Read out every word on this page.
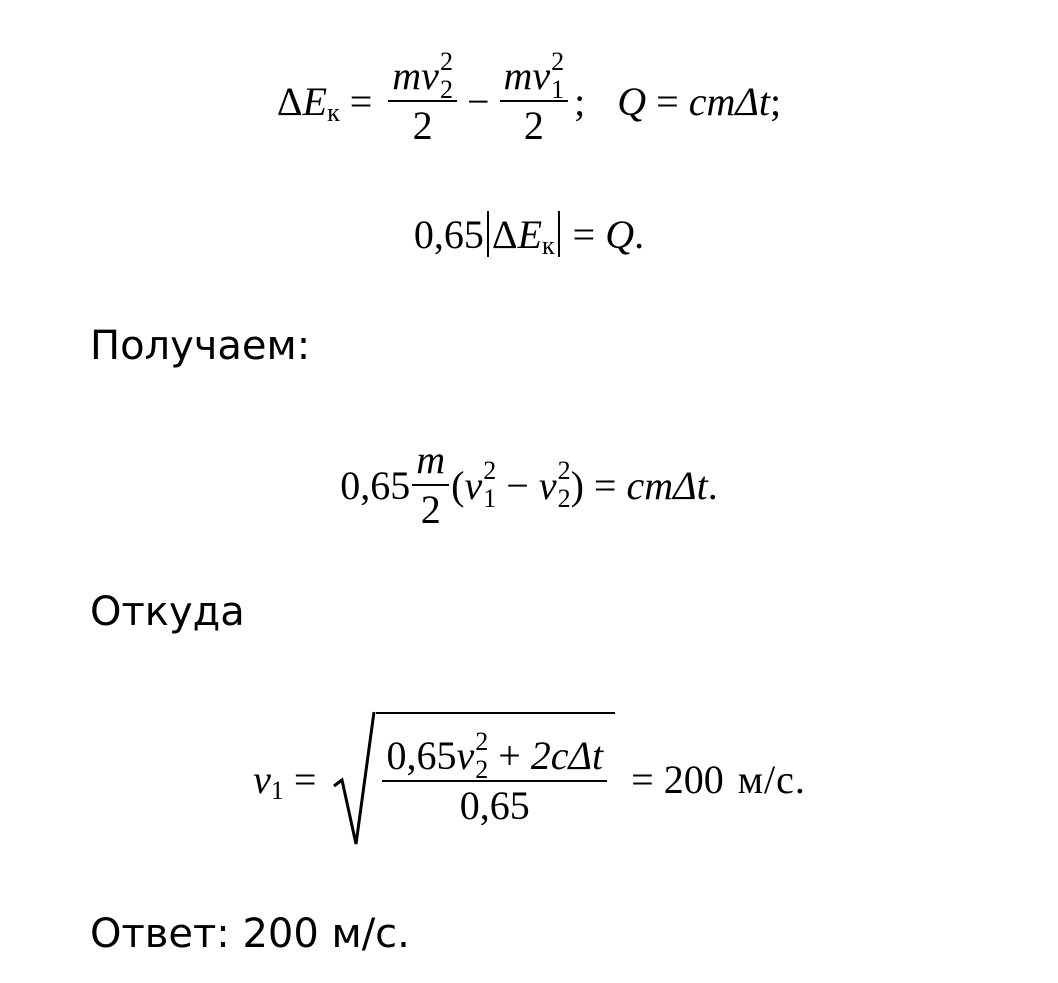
Δ E к = mv 2
2
2 − mv 2
1
2 ; Q = cmΔt ;
0,65 Δ E к = Q .
Получаем:
$0,65 \frac{m}{2}$ ( v 2
1 − v 2
2 ) = cmΔt .
Откуда
v 1 = 0,65 v 2
2 + 2cΔt
0,65 = 200 м/с .
Ответ: 200 м/с.
